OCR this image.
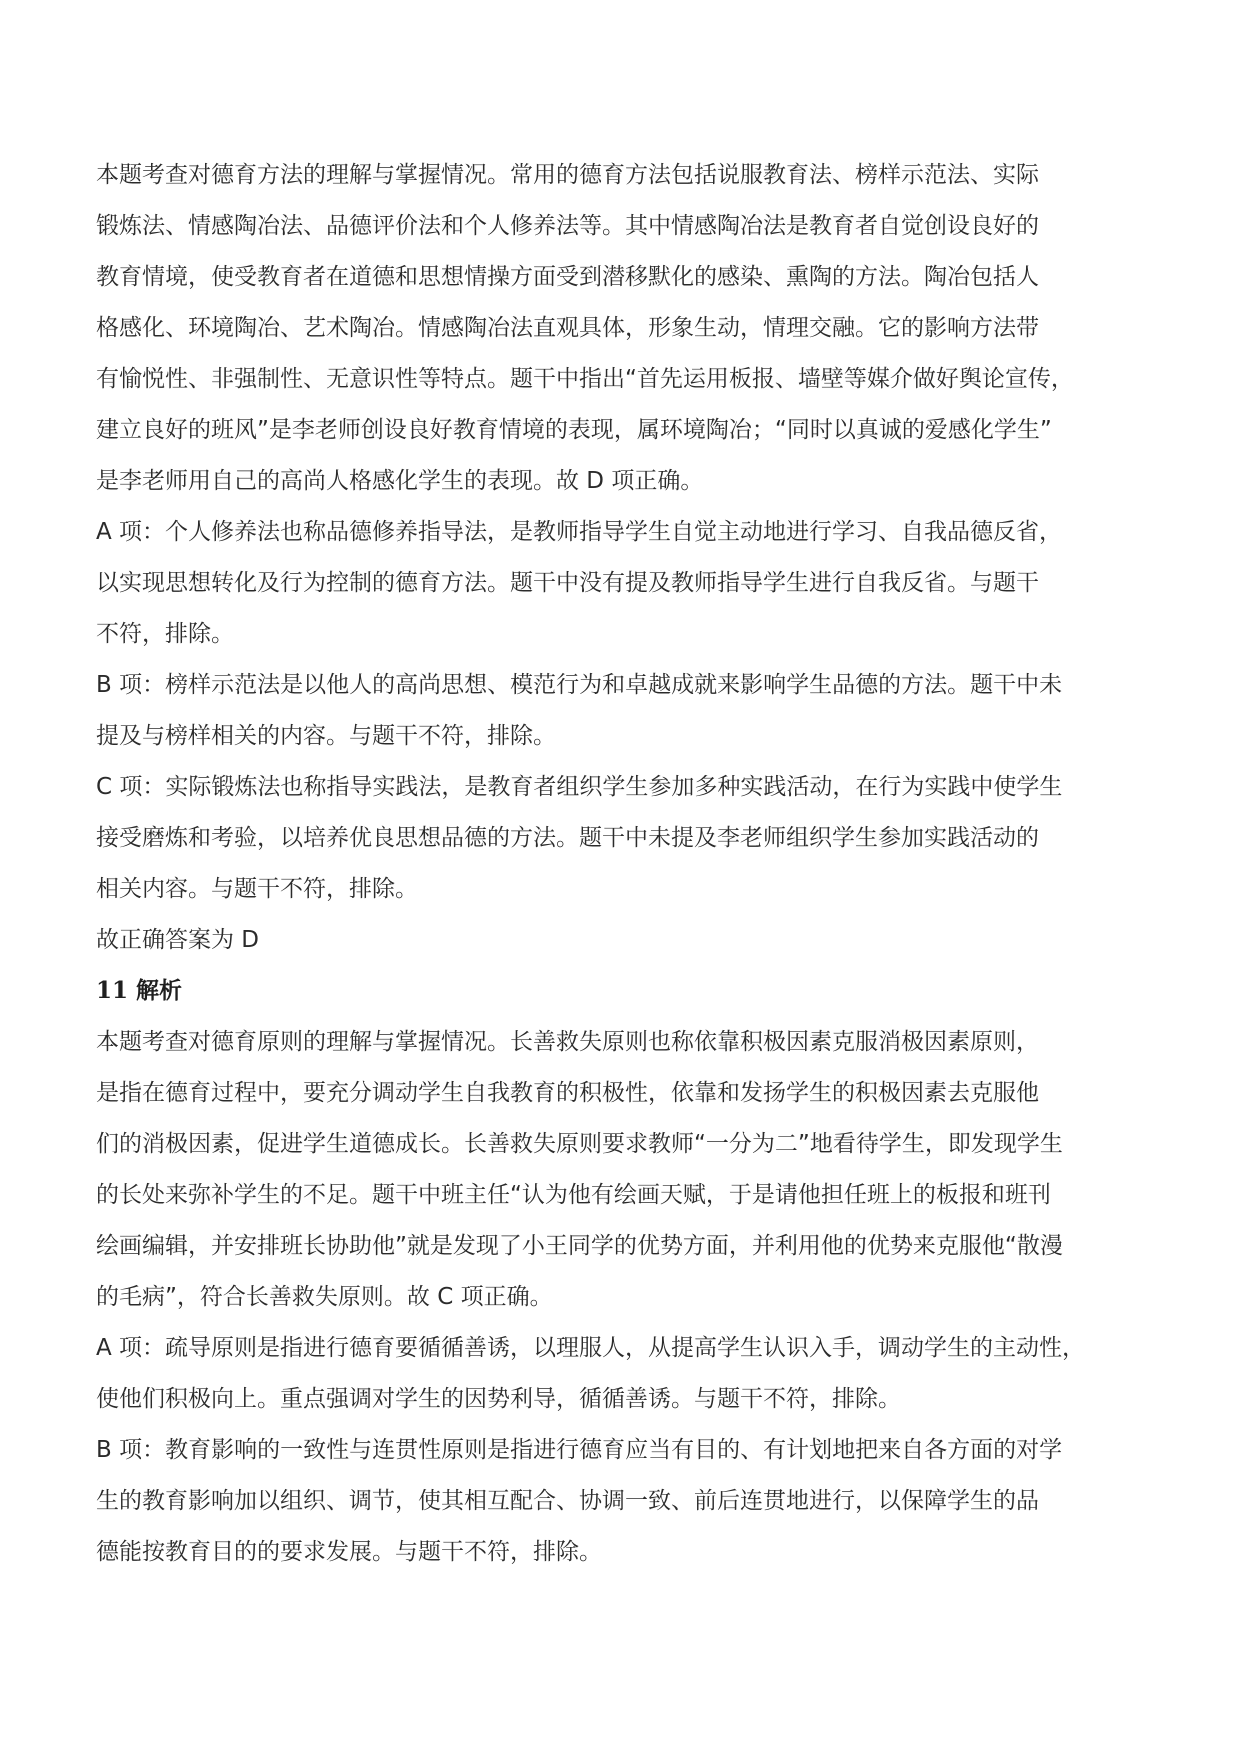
本题考查对德育方法的理解与掌握情况。常用的德育方法包括说服教育法、榜样示范法、实际
锻炼法、情感陶冶法、品德评价法和个人修养法等。其中情感陶冶法是教育者自觉创设良好的
教育情境，使受教育者在道德和思想情操方面受到潜移默化的感染、熏陶的方法。陶冶包括人
格感化、环境陶冶、艺术陶冶。情感陶冶法直观具体，形象生动，情理交融。它的影响方法带
有愉悦性、非强制性、无意识性等特点。题干中指出“首先运用板报、墙壁等媒介做好舆论宣传，
建立良好的班风”是李老师创设良好教育情境的表现，属环境陶冶；“同时以真诚的爱感化学生”
是李老师用自己的高尚人格感化学生的表现。故 D 项正确。
A 项：个人修养法也称品德修养指导法，是教师指导学生自觉主动地进行学习、自我品德反省，
以实现思想转化及行为控制的德育方法。题干中没有提及教师指导学生进行自我反省。与题干
不符，排除。
B 项：榜样示范法是以他人的高尚思想、模范行为和卓越成就来影响学生品德的方法。题干中未
提及与榜样相关的内容。与题干不符，排除。
C 项：实际锻炼法也称指导实践法，是教育者组织学生参加多种实践活动，在行为实践中使学生
接受磨炼和考验，以培养优良思想品德的方法。题干中未提及李老师组织学生参加实践活动的
相关内容。与题干不符，排除。
故正确答案为 D
11 解析
本题考查对德育原则的理解与掌握情况。长善救失原则也称依靠积极因素克服消极因素原则，
是指在德育过程中，要充分调动学生自我教育的积极性，依靠和发扬学生的积极因素去克服他
们的消极因素，促进学生道德成长。长善救失原则要求教师“一分为二”地看待学生，即发现学生
的长处来弥补学生的不足。题干中班主任“认为他有绘画天赋，于是请他担任班上的板报和班刊
绘画编辑，并安排班长协助他”就是发现了小王同学的优势方面，并利用他的优势来克服他“散漫
的毛病”，符合长善救失原则。故 C 项正确。
A 项：疏导原则是指进行德育要循循善诱，以理服人，从提高学生认识入手，调动学生的主动性，
使他们积极向上。重点强调对学生的因势利导，循循善诱。与题干不符，排除。
B 项：教育影响的一致性与连贯性原则是指进行德育应当有目的、有计划地把来自各方面的对学
生的教育影响加以组织、调节，使其相互配合、协调一致、前后连贯地进行，以保障学生的品
德能按教育目的的要求发展。与题干不符，排除。
